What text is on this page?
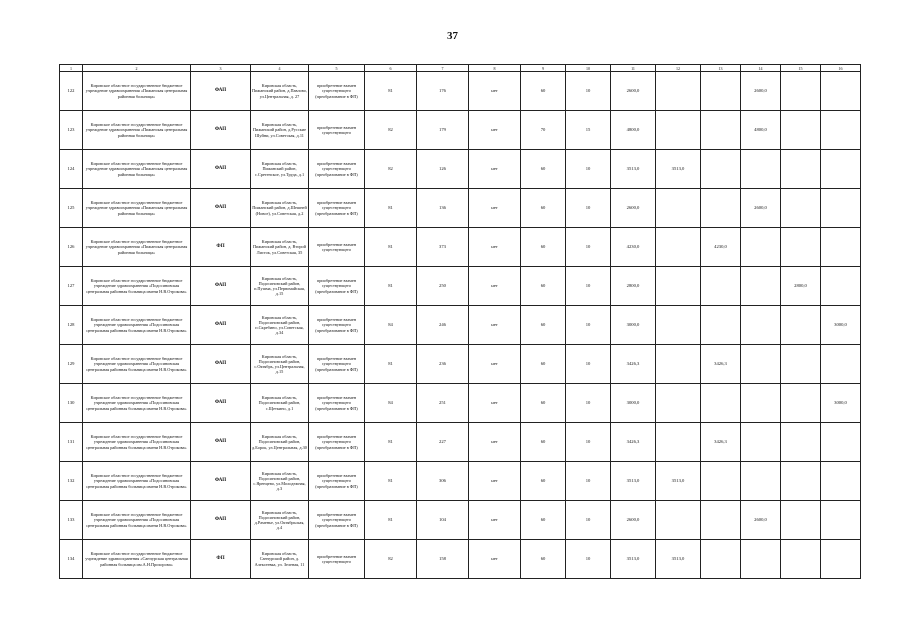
37
1	2	3	4	5	6	7	8	9	10	11	12	13	14	15	16
122	Кировское областное государственное бюджетное учреждение здравоохранения «Пижанская центральная районная больница»	ФАП	Кировская область, Пижанский район, д.Павлово, ул.Центральная, д. 27	приобретение взамен существующего (преобразование в ФП)	81	176	нет	60	10	2600,0			2600,0		
123	Кировское областное государственное бюджетное учреждение здравоохранения «Пижанская центральная районная больница»	ФАП	Кировская область, Пижанский район, д.Русские Шуйни, ул.Советская, д.11	приобретение взамен существующего	82	179	нет	70	15	4800,0			4800,0		
124	Кировское областное государственное бюджетное учреждение здравоохранения «Пижанская центральная районная больница»	ФАП	Кировская область, Пижанский район, с.Сретенское, ул.Труда, д.1	приобретение взамен существующего (преобразование в ФП)	82	126	нет	60	10	3513,0	3513,0				
125	Кировское областное государственное бюджетное учреждение здравоохранения «Пижанская центральная районная больница»	ФАП	Кировская область, Пижанский район, д.Шешней (Новое), ул.Советская, д.2	приобретение взамен существующего (преобразование в ФП)	81	136	нет	60	10	2600,0			2600,0		
126	Кировское областное государственное бюджетное учреждение здравоохранения «Пижанская центральная районная больница»	ФП	Кировская область, Пижанский район, д. Второй Листок, ул.Советская, 35	приобретение взамен существующего	81	373	нет	60	10	4230,0		4230,0			
127	Кировское областное государственное бюджетное учреждение здравоохранения «Подосиновская центральная районная больница имени Н.В.Отрокова»	ФАП	Кировская область, Подосиновский район, п.Пушма, ул.Первомайская, д.15	приобретение взамен существующего (преобразование в ФП)	81	250	нет	60	10	2800,0				2800,0	
128	Кировское областное государственное бюджетное учреждение здравоохранения «Подосиновская центральная районная больница имени Н.В.Отрокова»	ФАП	Кировская область, Подосиновский район, п.Скребино, ул.Советская, д.34	приобретение взамен существующего (преобразование в ФП)	84	246	нет	60	10	3000,0					3000,0
129	Кировское областное государственное бюджетное учреждение здравоохранения «Подосиновская центральная районная больница имени Н.В.Отрокова»	ФАП	Кировская область, Подосиновский район, с.Октябрь, ул.Центральная, д.15	приобретение взамен существующего (преобразование в ФП)	81	236	нет	60	10	3426,3		3426,3			
130	Кировское областное государственное бюджетное учреждение здравоохранения «Подосиновская центральная районная больница имени Н.В.Отрокова»	ФАП	Кировская область, Подосиновский район, с.Щеткино, д.1	приобретение взамен существующего (преобразование в ФП)	84	251	нет	60	10	3000,0					3000,0
131	Кировское областное государственное бюджетное учреждение здравоохранения «Подосиновская центральная районная больница имени Н.В.Отрокова»	ФАП	Кировская область, Подосиновский район, д.Борок, ул.Центральная, д.30	приобретение взамен существующего (преобразование в ФП)	81	227	нет	60	10	3426,3		3426,3			
132	Кировское областное государственное бюджетное учреждение здравоохранения «Подосиновская центральная районная больница имени Н.В.Отрокова»	ФАП	Кировская область, Подосиновский район, с.Яренцево, ул.Молодежная, д.3	приобретение взамен существующего (преобразование в ФП)	81	306	нет	60	10	3513,0	3513,0				
133	Кировское областное государственное бюджетное учреждение здравоохранения «Подосиновская центральная районная больница имени Н.В.Отрокова»	ФАП	Кировская область, Подосиновский район, д.Раменье, ул.Октябрьская, д.4	приобретение взамен существующего (преобразование в ФП)	81	104	нет	60	10	2600,0			2600,0		
134	Кировское областное государственное бюджетное учреждение здравоохранения «Санчурская центральная районная больница им.А.Н.Прохорова»	ФП	Кировская область, Санчурский район, д. Алексеевка, ул. Зеленая, 11	приобретение взамен существующего	82	158	нет	60	10	3513,0	3513,0				
